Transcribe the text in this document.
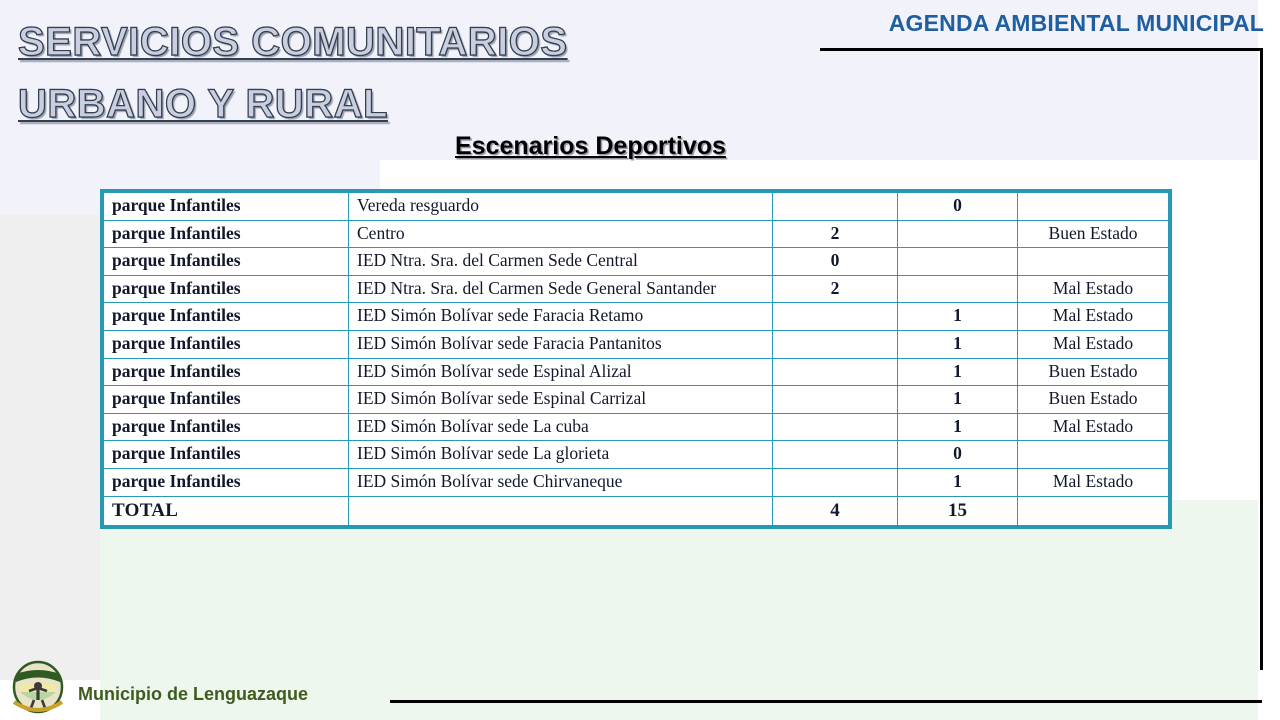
AGENDA AMBIENTAL MUNICIPAL
SERVICIOS COMUNITARIOS
URBANO Y RURAL
Escenarios Deportivos
parque Infantiles	Vereda resguardo		0	
parque Infantiles	Centro	2		Buen Estado
parque Infantiles	IED Ntra. Sra. del Carmen Sede Central	0		
parque Infantiles	IED Ntra. Sra. del Carmen Sede General Santander	2		Mal Estado
parque Infantiles	IED Simón Bolívar sede Faracia Retamo		1	Mal Estado
parque Infantiles	IED Simón Bolívar sede Faracia Pantanitos		1	Mal Estado
parque Infantiles	IED Simón Bolívar sede Espinal Alizal		1	Buen Estado
parque Infantiles	IED Simón Bolívar sede Espinal Carrizal		1	Buen Estado
parque Infantiles	IED Simón Bolívar sede La cuba		1	Mal Estado
parque Infantiles	IED Simón Bolívar sede La glorieta		0	
parque Infantiles	IED Simón Bolívar sede Chirvaneque		1	Mal Estado
TOTAL		4	15	
Municipio de Lenguazaque
